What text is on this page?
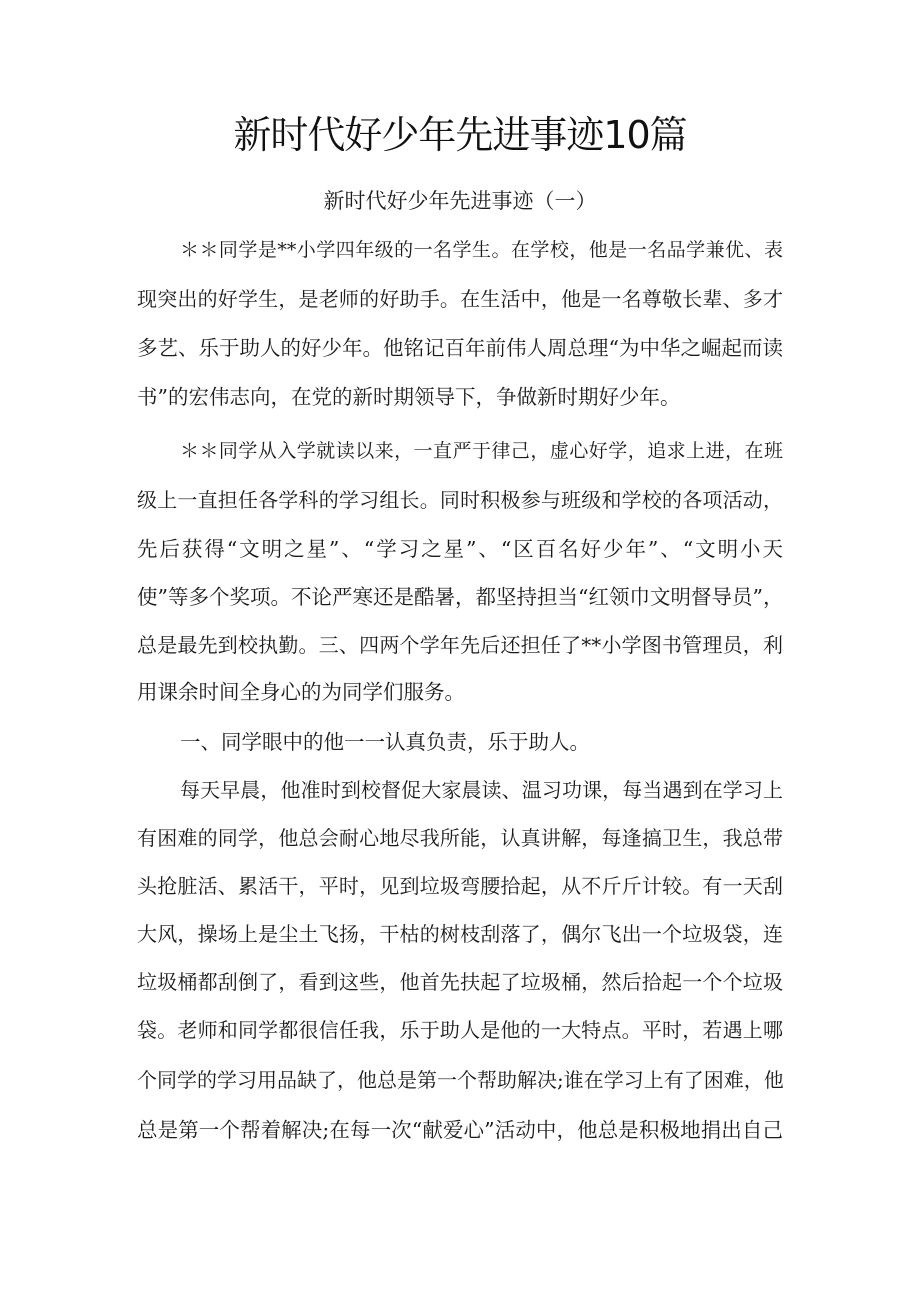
新时代好少年先进事迹10篇
新时代好少年先进事迹（一）
＊＊同学是**小学四年级的一名学生。在学校，他是一名品学兼优、表
现突出的好学生，是老师的好助手。在生活中，他是一名尊敬长辈、多才
多艺、乐于助人的好少年。他铭记百年前伟人周总理“为中华之崛起而读
书”的宏伟志向，在党的新时期领导下，争做新时期好少年。
＊＊同学从入学就读以来，一直严于律己，虚心好学，追求上进，在班
级上一直担任各学科的学习组长。同时积极参与班级和学校的各项活动，
先后获得“文明之星”、“学习之星”、“区百名好少年”、“文明小天
使”等多个奖项。不论严寒还是酷暑，都坚持担当“红领巾文明督导员”，
总是最先到校执勤。三、四两个学年先后还担任了**小学图书管理员，利
用课余时间全身心的为同学们服务。
一、同学眼中的他一一认真负责，乐于助人。
每天早晨，他准时到校督促大家晨读、温习功课，每当遇到在学习上
有困难的同学，他总会耐心地尽我所能，认真讲解，每逢搞卫生，我总带
头抢脏活、累活干，平时，见到垃圾弯腰拾起，从不斤斤计较。有一天刮
大风，操场上是尘土飞扬，干枯的树枝刮落了，偶尔飞出一个垃圾袋，连
垃圾桶都刮倒了，看到这些，他首先扶起了垃圾桶，然后拾起一个个垃圾
袋。老师和同学都很信任我，乐于助人是他的一大特点。平时，若遇上哪
个同学的学习用品缺了，他总是第一个帮助解决;谁在学习上有了困难，他
总是第一个帮着解决;在每一次“献爱心”活动中，他总是积极地捐出自己
